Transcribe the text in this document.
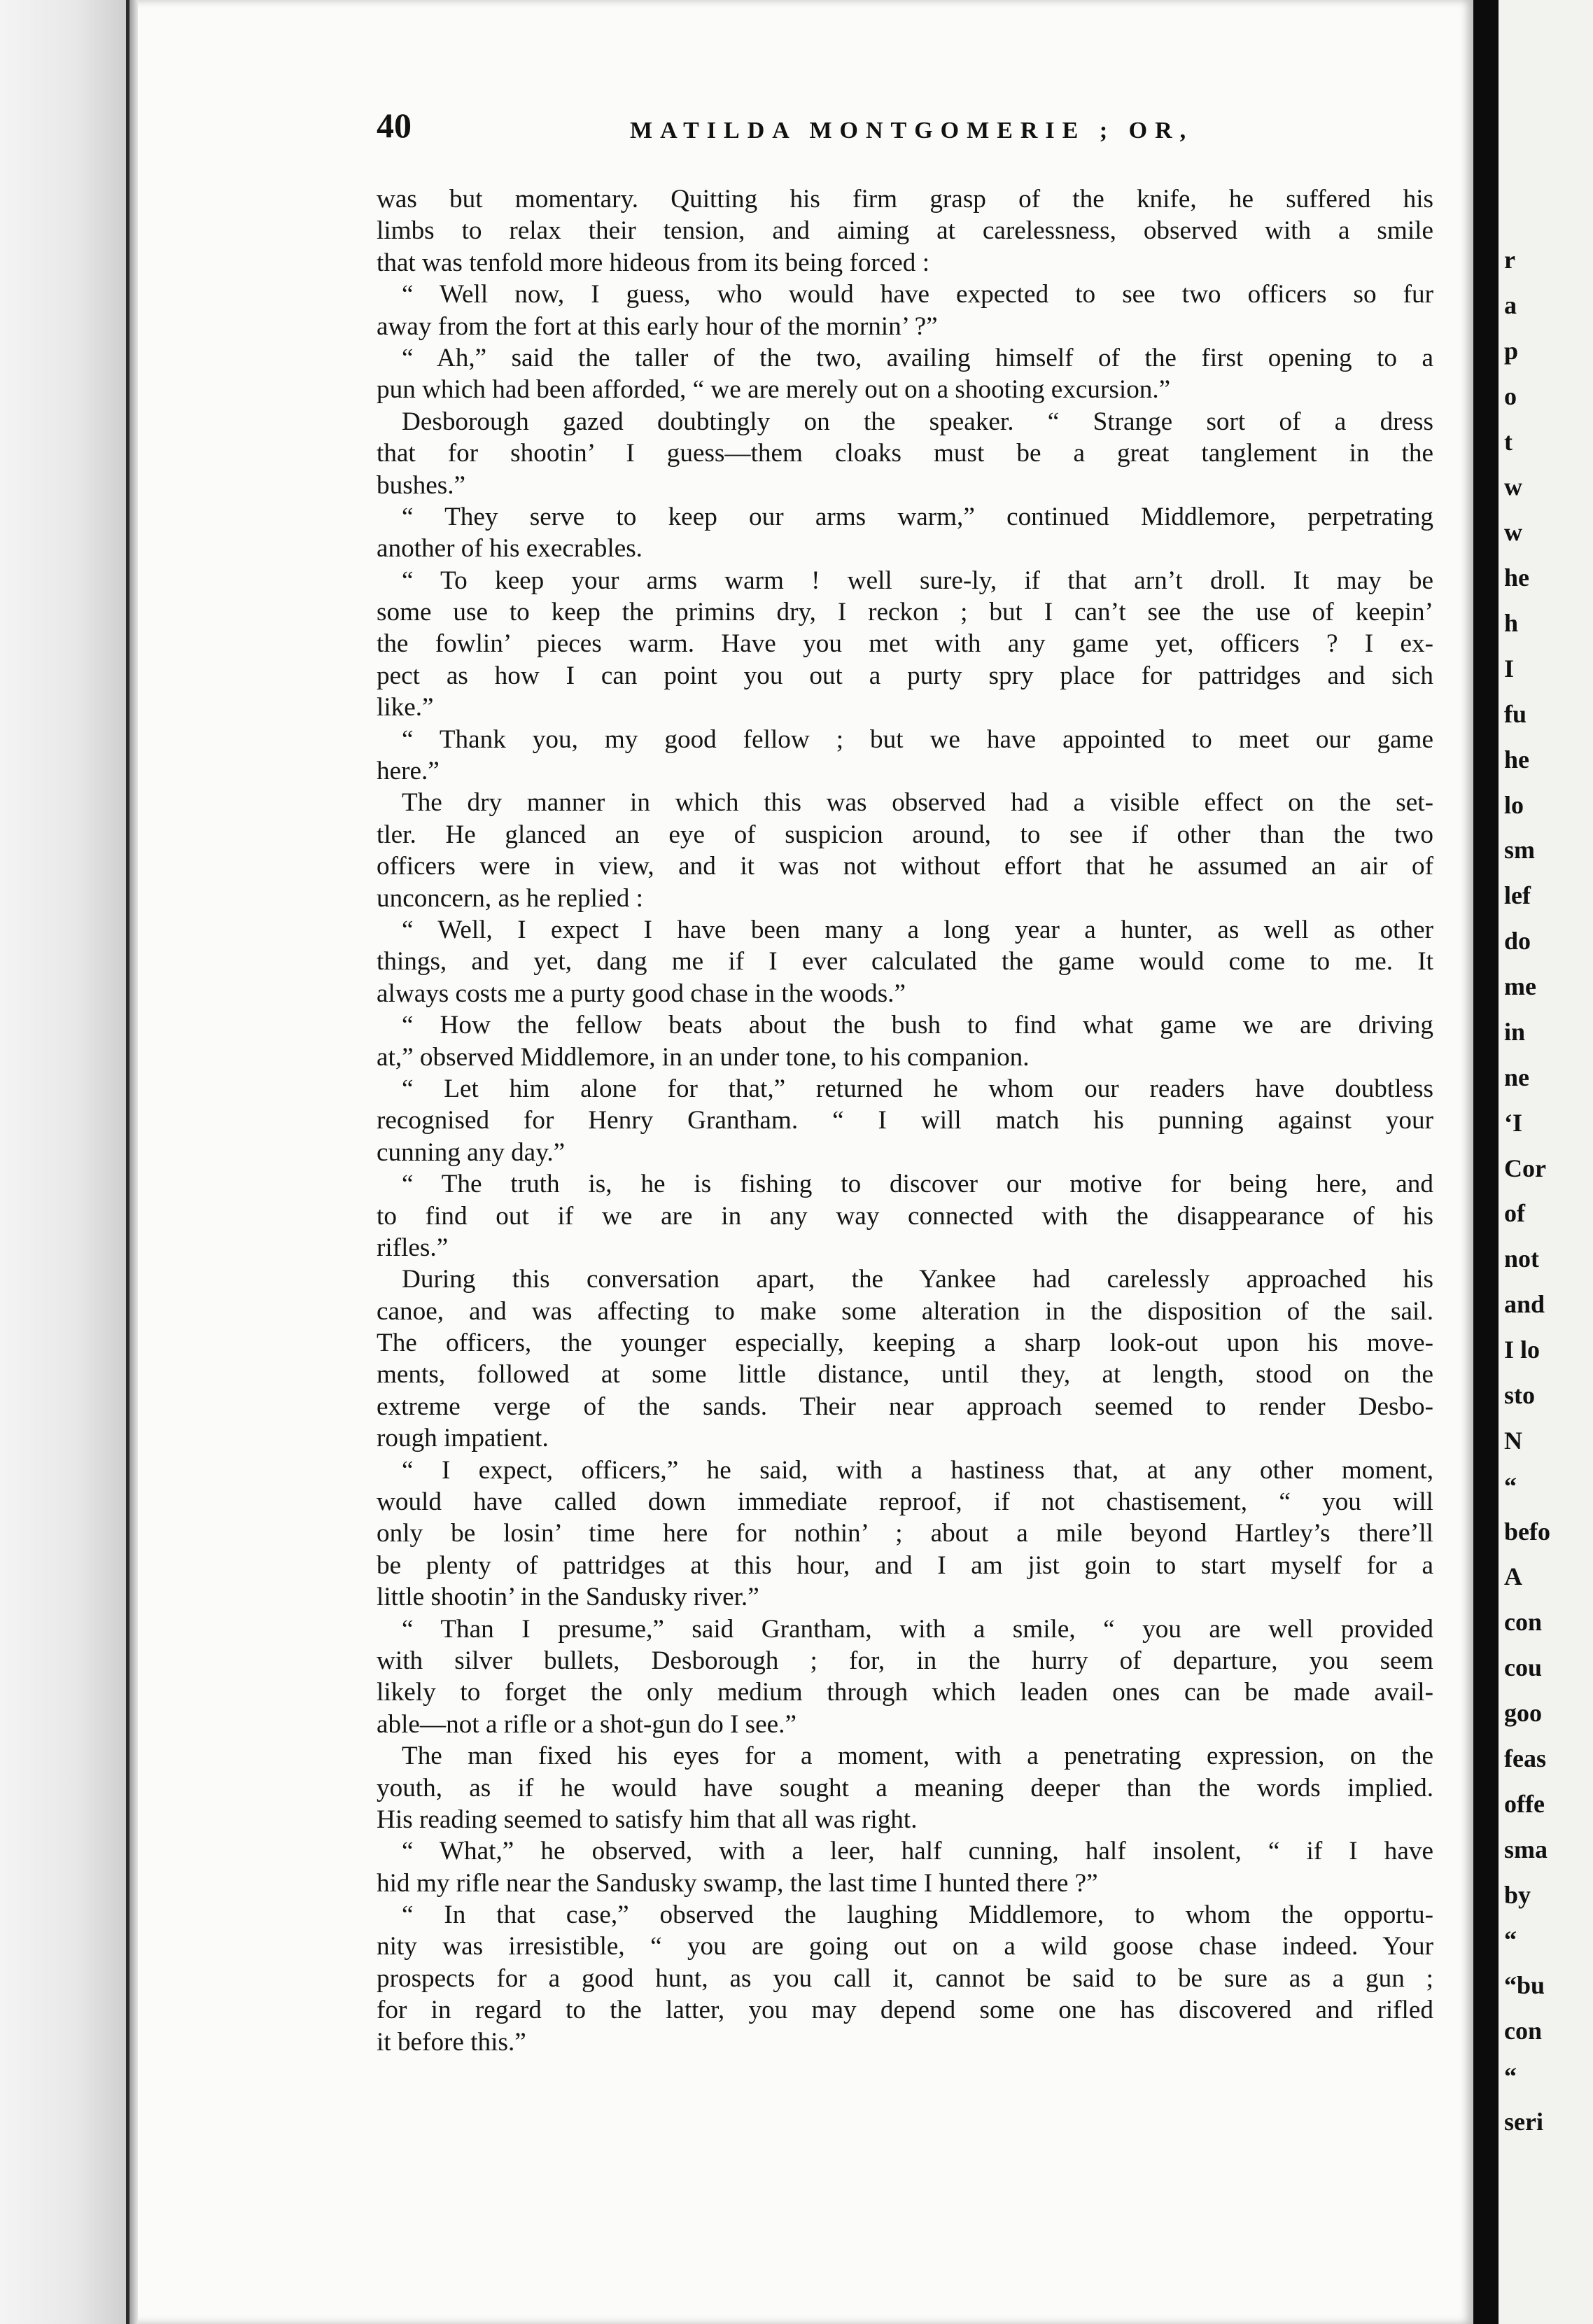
40	MATILDA MONTGOMERIE ; OR,
was but momentary. Quitting his firm grasp of the knife, he suffered his
limbs to relax their tension, and aiming at carelessness, observed with a smile
that was tenfold more hideous from its being forced :
“ Well now, I guess, who would have expected to see two officers so fur
away from the fort at this early hour of the mornin’ ?”
“ Ah,” said the taller of the two, availing himself of the first opening to a
pun which had been afforded, “ we are merely out on a shooting excursion.”
Desborough gazed doubtingly on the speaker. “ Strange sort of a dress
that for shootin’ I guess—them cloaks must be a great tanglement in the
bushes.”
“ They serve to keep our arms warm,” continued Middlemore, perpetrating
another of his execrables.
“ To keep your arms warm ! well sure-ly, if that arn’t droll. It may be
some use to keep the primins dry, I reckon ; but I can’t see the use of keepin’
the fowlin’ pieces warm. Have you met with any game yet, officers ? I ex-
pect as how I can point you out a purty spry place for pattridges and sich
like.”
“ Thank you, my good fellow ; but we have appointed to meet our game
here.”
The dry manner in which this was observed had a visible effect on the set-
tler. He glanced an eye of suspicion around, to see if other than the two
officers were in view, and it was not without effort that he assumed an air of
unconcern, as he replied :
“ Well, I expect I have been many a long year a hunter, as well as other
things, and yet, dang me if I ever calculated the game would come to me. It
always costs me a purty good chase in the woods.”
“ How the fellow beats about the bush to find what game we are driving
at,” observed Middlemore, in an under tone, to his companion.
“ Let him alone for that,” returned he whom our readers have doubtless
recognised for Henry Grantham. “ I will match his punning against your
cunning any day.”
“ The truth is, he is fishing to discover our motive for being here, and
to find out if we are in any way connected with the disappearance of his
rifles.”
During this conversation apart, the Yankee had carelessly approached his
canoe, and was affecting to make some alteration in the disposition of the sail.
The officers, the younger especially, keeping a sharp look-out upon his move-
ments, followed at some little distance, until they, at length, stood on the
extreme verge of the sands. Their near approach seemed to render Desbo-
rough impatient.
“ I expect, officers,” he said, with a hastiness that, at any other moment,
would have called down immediate reproof, if not chastisement, “ you will
only be losin’ time here for nothin’ ; about a mile beyond Hartley’s there’ll
be plenty of pattridges at this hour, and I am jist goin to start myself for a
little shootin’ in the Sandusky river.”
“ Than I presume,” said Grantham, with a smile, “ you are well provided
with silver bullets, Desborough ; for, in the hurry of departure, you seem
likely to forget the only medium through which leaden ones can be made avail-
able—not a rifle or a shot-gun do I see.”
The man fixed his eyes for a moment, with a penetrating expression, on the
youth, as if he would have sought a meaning deeper than the words implied.
His reading seemed to satisfy him that all was right.
“ What,” he observed, with a leer, half cunning, half insolent, “ if I have
hid my rifle near the Sandusky swamp, the last time I hunted there ?”
“ In that case,” observed the laughing Middlemore, to whom the opportu-
nity was irresistible, “ you are going out on a wild goose chase indeed. Your
prospects for a good hunt, as you call it, cannot be said to be sure as a gun ;
for in regard to the latter, you may depend some one has discovered and rifled
it before this.”
r
a
p
o
t
w
w
he
h
I
fu
he
lo
sm
lef
do
me
in
ne
‘I
Cor
of
not
and
I lo
sto
N
“
befo
A
con
cou
goo
feas
offe
sma
by
“
“bu
con
“
seri
